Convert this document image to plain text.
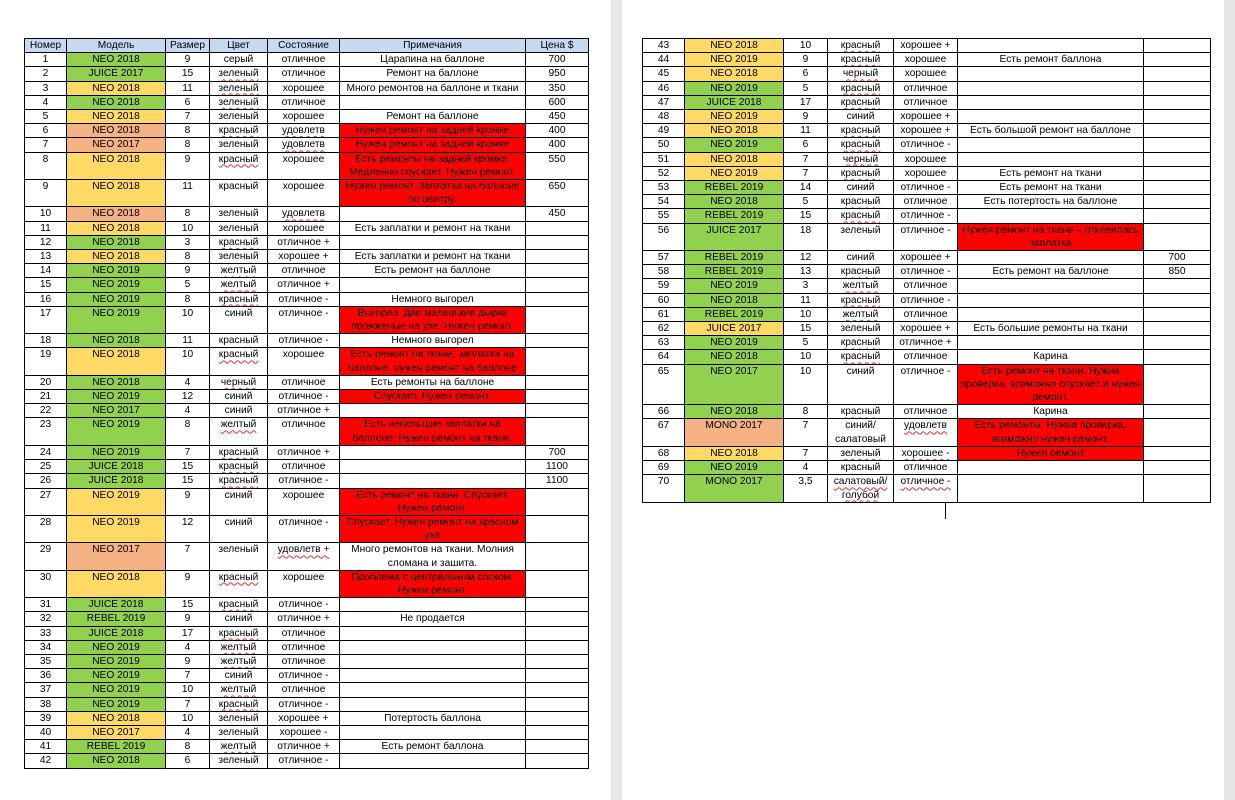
Номер	Модель	Размер	Цвет	Состояние	Примечания	Цена $
1	NEO 2018	9	серый	отличное	Царапина на баллоне	700
2	JUICE 2017	15	зеленый	отличное	Ремонт на баллоне	950
3	NEO 2018	11	зеленый	хорошее	Много ремонтов на баллоне и ткани	350
4	NEO 2018	6	зеленый	отличное		600
5	NEO 2018	7	зеленый	хорошее	Ремонт на баллоне	450
6	NEO 2018	8	красный	удовлетв	Нужен ремонт на задней кромке	400
7	NEO 2017	8	зеленый	удовлетв	Нужен ремонт на задней кромке	400
8	NEO 2018	9	красный	хорошее	Есть ремонты на задней кромке. Медленно спускает. Нужен ремонт.	550
9	NEO 2018	11	красный	хорошее	Нужен ремонт. Заплатка на баллоне по центру.	650
10	NEO 2018	8	зеленый	удовлетв		450
11	NEO 2018	10	зеленый	хорошее	Есть заплатки и ремонт на ткани	
12	NEO 2018	3	красный	отличное +		
13	NEO 2018	8	зеленый	хорошее +	Есть заплатки и ремонт на ткани	
14	NEO 2019	9	желтый	отличное	Есть ремонт на баллоне	
15	NEO 2019	5	желтый	отличное +		
16	NEO 2019	8	красный	отличное -	Немного выгорел	
17	NEO 2019	10	синий	отличное -	Выгорел. Две маленькие дырки прожженые на ухе. Нужен ремонт.	
18	NEO 2018	11	красный	отличное -	Немного выгорел	
19	NEO 2018	10	красный	хорошее	Есть ремонт на ткани, заплатка на баллоне, нужен ремонт на баллоне	
20	NEO 2018	4	черный	отличное	Есть ремонты на баллоне	
21	NEO 2019	12	синий	отличное -	Спускает. Нужен ремонт.	
22	NEO 2017	4	синий	отличное +		
23	NEO 2019	8	желтый	отличное	Есть небольшие заплатки на баллоне. Нужен ремонт на ткани.	
24	NEO 2019	7	красный	отличное +		700
25	JUICE 2018	15	красный	отличное		1100
26	JUICE 2018	15	красный	отличное -		1100
27	NEO 2019	9	синий	хорошее	Есть ремонт на ткани. Спускает. Нужен ремонт.	
28	NEO 2019	12	синий	отличное -	Спускает. Нужен ремонт на красном ухе	
29	NEO 2017	7	зеленый	удовлетв +	Много ремонтов на ткани. Молния сломана и зашита.	
30	NEO 2018	9	красный	хорошее	Проблема с центральным соском. Нужен ремонт.	
31	JUICE 2018	15	красный	отличное -		
32	REBEL 2019	9	синий	отличное +	Не продается	
33	JUICE 2018	17	красный	отличное		
34	NEO 2019	4	желтый	отличное		
35	NEO 2019	9	желтый	отличное		
36	NEO 2019	7	синий	отличное -		
37	NEO 2019	10	желтый	отличное		
38	NEO 2019	7	красный	отличное -		
39	NEO 2018	10	зеленый	хорошее +	Потертость баллона	
40	NEO 2017	4	зеленый	хорошее -		
41	REBEL 2019	8	желтый	отличное +	Есть ремонт баллона	
42	NEO 2018	6	зеленый	отличное -		
43	NEO 2018	10	красный	хорошее +		
44	NEO 2019	9	красный	хорошее	Есть ремонт баллона	
45	NEO 2018	6	черный	хорошее		
46	NEO 2019	5	красный	отличное		
47	JUICE 2018	17	красный	отличное		
48	NEO 2019	9	синий	хорошее +		
49	NEO 2018	11	красный	хорошее +	Есть большой ремонт на баллоне	
50	NEO 2019	6	красный	отличное -		
51	NEO 2018	7	черный	хорошее		
52	NEO 2019	7	красный	хорошее	Есть ремонт на ткани	
53	REBEL 2019	14	синий	отличное -	Есть ремонт на ткани	
54	NEO 2018	5	красный	отличное	Есть потертость на баллоне	
55	REBEL 2019	15	красный	отличное -		
56	JUICE 2017	18	зеленый	отличное -	Нужен ремонт на ткани – отклеилась заплатка	
57	REBEL 2019	12	синий	хорошее +		700
58	REBEL 2019	13	красный	отличное -	Есть ремонт на баллоне	850
59	NEO 2019	3	желтый	отличное		
60	NEO 2018	11	красный	отличное -		
61	REBEL 2019	10	желтый	отличное		
62	JUICE 2017	15	зеленый	хорошее +	Есть большие ремонты на ткани	
63	NEO 2019	5	красный	отличное +		
64	NEO 2018	10	красный	отличное	Карина	
65	NEO 2017	10	синий	отличное -	Есть ремонт на ткани. Нужна проверка, возможно спускает и нужен ремонт.	
66	NEO 2018	8	красный	отличное	Карина	
67	MONO 2017	7	синий/ салатовый	удовлетв	Есть ремонты. Нужна проверка, возможно нужен ремонт.	
68	NEO 2018	7	зеленый	хорошее -	Нужен ремонт	
69	NEO 2019	4	красный	отличное		
70	MONO 2017	3,5	салатовый/ голубой	отличное -		
